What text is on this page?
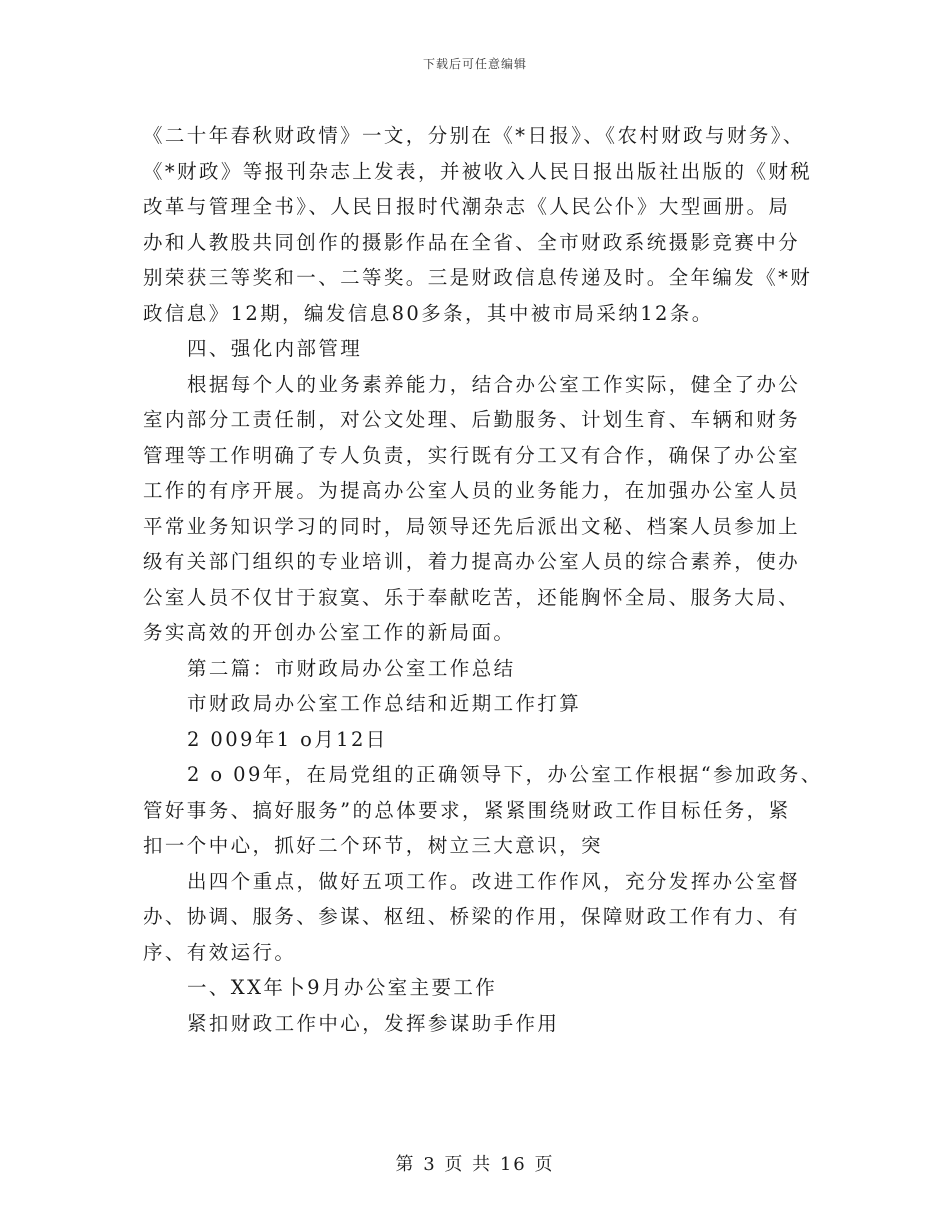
下载后可任意编辑
《二十年春秋财政情》一文，分别在《*日报》、《农村财政与财务》、
《*财政》等报刊杂志上发表，并被收入人民日报出版社出版的《财税
改革与管理全书》、人民日报时代潮杂志《人民公仆》大型画册。局
办和人教股共同创作的摄影作品在全省、全市财政系统摄影竞赛中分
别荣获三等奖和一、二等奖。三是财政信息传递及时。全年编发《*财
政信息》12期，编发信息80多条，其中被市局采纳12条。
四、强化内部管理
根据每个人的业务素养能力，结合办公室工作实际，健全了办公
室内部分工责任制，对公文处理、后勤服务、计划生育、车辆和财务
管理等工作明确了专人负责，实行既有分工又有合作，确保了办公室
工作的有序开展。为提高办公室人员的业务能力，在加强办公室人员
平常业务知识学习的同时，局领导还先后派出文秘、档案人员参加上
级有关部门组织的专业培训，着力提高办公室人员的综合素养，使办
公室人员不仅甘于寂寞、乐于奉献吃苦，还能胸怀全局、服务大局、
务实高效的开创办公室工作的新局面。
第二篇：市财政局办公室工作总结
市财政局办公室工作总结和近期工作打算
2 009年1 o月12日
2 o 09年，在局党组的正确领导下，办公室工作根据“参加政务、
管好事务、搞好服务”的总体要求，紧紧围绕财政工作目标任务，紧
扣一个中心，抓好二个环节，树立三大意识，突
出四个重点，做好五项工作。改进工作作风，充分发挥办公室督
办、协调、服务、参谋、枢纽、桥梁的作用，保障财政工作有力、有
序、有效运行。
一、XX年卜9月办公室主要工作
紧扣财政工作中心，发挥参谋助手作用
第 3 页 共 16 页
